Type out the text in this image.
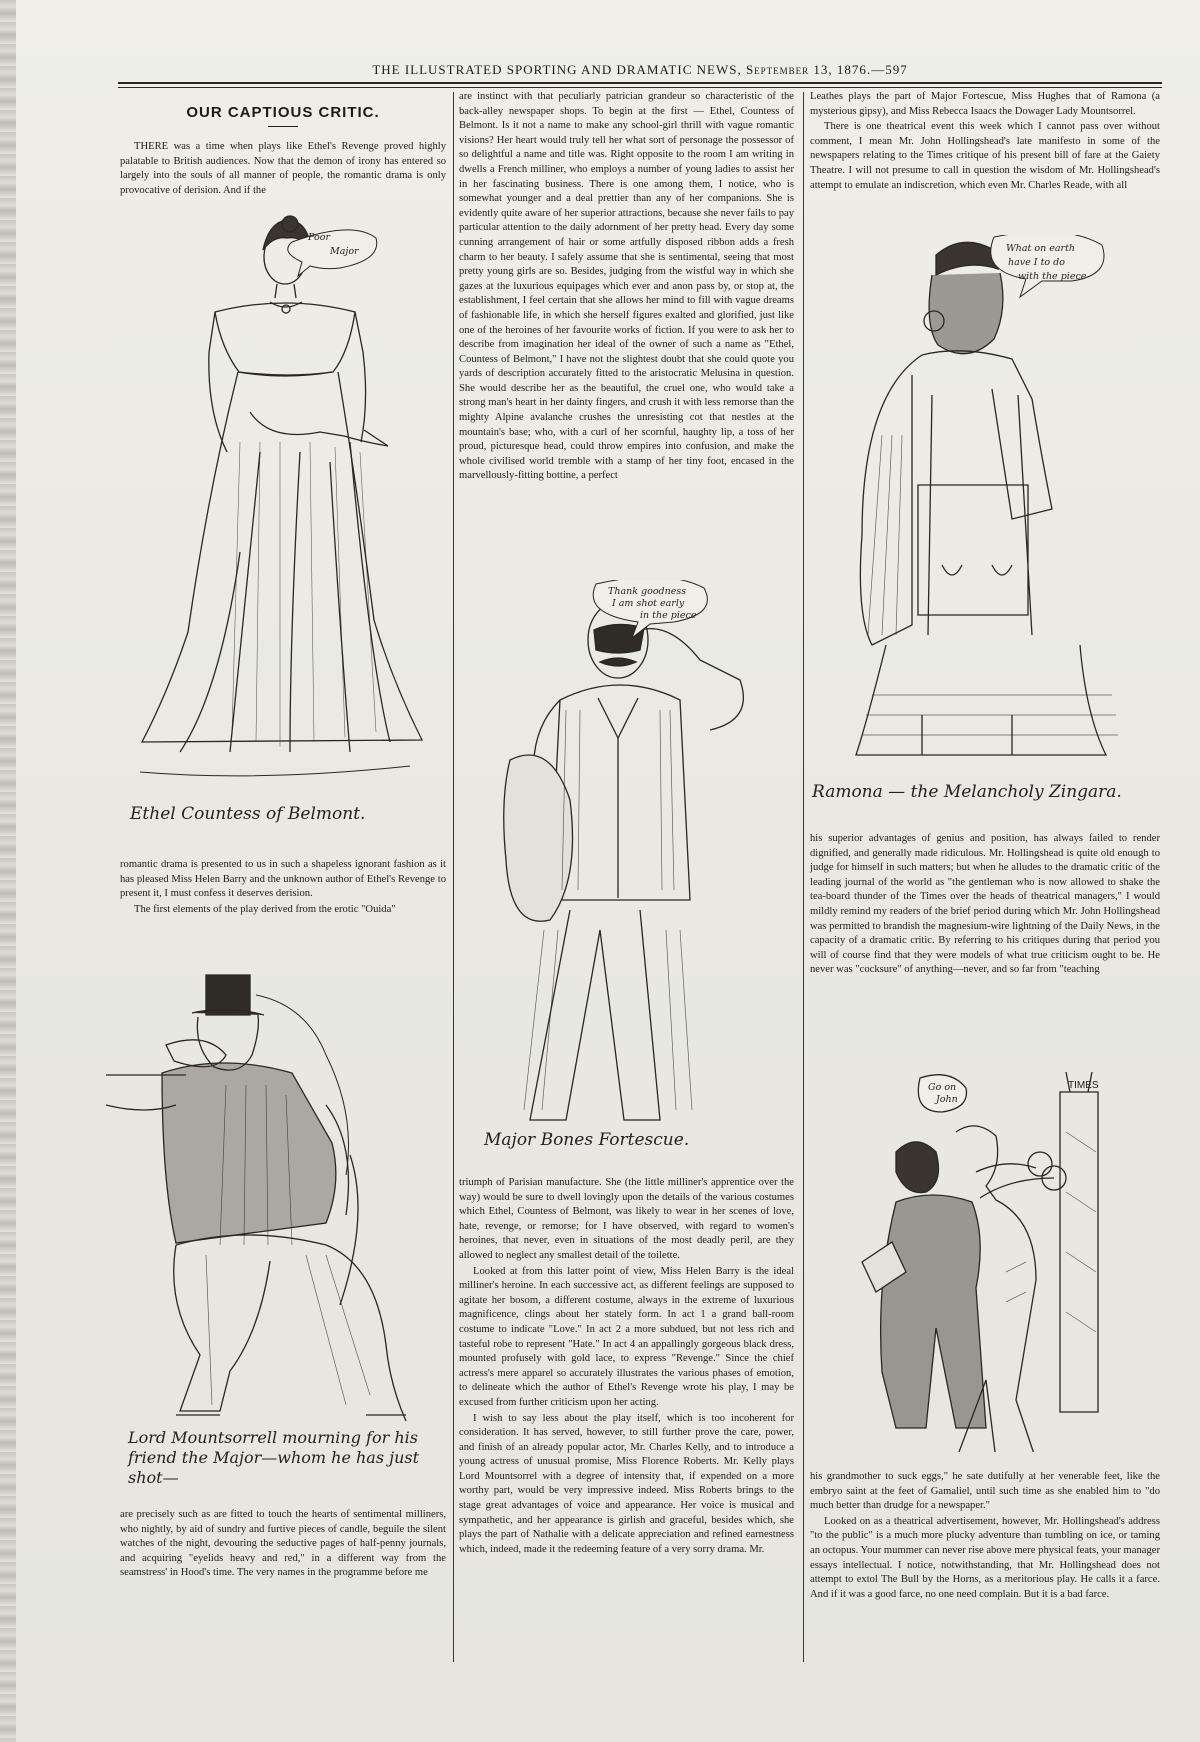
THE ILLUSTRATED SPORTING AND DRAMATIC NEWS, September 13, 1876.—597
OUR CAPTIOUS CRITIC.

THERE was a time when plays like Ethel's Revenge proved highly palatable to British audiences. Now that the demon of irony has entered so largely into the souls of all manner of people, the romantic drama is only provocative of derision. And if the

Poor
Major
Ethel Countess of Belmont.

romantic drama is presented to us in such a shapeless ignorant fashion as it has pleased Miss Helen Barry and the unknown author of Ethel's Revenge to present it, I must confess it deserves derision.

The first elements of the play derived from the erotic "Ouida"

Lord Mountsorrell mourning for his friend the Major—whom he has just shot—

are precisely such as are fitted to touch the hearts of sentimental milliners, who nightly, by aid of sundry and furtive pieces of candle, beguile the silent watches of the night, devouring the seductive pages of half-penny journals, and acquiring "eyelids heavy and red," in a different way from the seamstress' in Hood's time. The very names in the programme before me

are instinct with that peculiarly patrician grandeur so characteristic of the back-alley newspaper shops. To begin at the first — Ethel, Countess of Belmont. Is it not a name to make any school-girl thrill with vague romantic visions? Her heart would truly tell her what sort of personage the possessor of so delightful a name and title was. Right opposite to the room I am writing in dwells a French milliner, who employs a number of young ladies to assist her in her fascinating business. There is one among them, I notice, who is somewhat younger and a deal prettier than any of her companions. She is evidently quite aware of her superior attractions, because she never fails to pay particular attention to the daily adornment of her pretty head. Every day some cunning arrangement of hair or some artfully disposed ribbon adds a fresh charm to her beauty. I safely assume that she is sentimental, seeing that most pretty young girls are so. Besides, judging from the wistful way in which she gazes at the luxurious equipages which ever and anon pass by, or stop at, the establishment, I feel certain that she allows her mind to fill with vague dreams of fashionable life, in which she herself figures exalted and glorified, just like one of the heroines of her favourite works of fiction. If you were to ask her to describe from imagination her ideal of the owner of such a name as "Ethel, Countess of Belmont," I have not the slightest doubt that she could quote you yards of description accurately fitted to the aristocratic Melusina in question. She would describe her as the beautiful, the cruel one, who would take a strong man's heart in her dainty fingers, and crush it with less remorse than the mighty Alpine avalanche crushes the unresisting cot that nestles at the mountain's base; who, with a curl of her scornful, haughty lip, a toss of her proud, picturesque head, could throw empires into confusion, and make the whole civilised world tremble with a stamp of her tiny foot, encased in the marvellously-fitting bottine, a perfect

Thank goodness
I am shot early
in the piece
Major Bones Fortescue.

triumph of Parisian manufacture. She (the little milliner's apprentice over the way) would be sure to dwell lovingly upon the details of the various costumes which Ethel, Countess of Belmont, was likely to wear in her scenes of love, hate, revenge, or remorse; for I have observed, with regard to women's heroines, that never, even in situations of the most deadly peril, are they allowed to neglect any smallest detail of the toilette.

Looked at from this latter point of view, Miss Helen Barry is the ideal milliner's heroine. In each successive act, as different feelings are supposed to agitate her bosom, a different costume, always in the extreme of luxurious magnificence, clings about her stately form. In act 1 a grand ball-room costume to indicate "Love." In act 2 a more subdued, but not less rich and tasteful robe to represent "Hate." In act 4 an appallingly gorgeous black dress, mounted profusely with gold lace, to express "Revenge." Since the chief actress's mere apparel so accurately illustrates the various phases of emotion, to delineate which the author of Ethel's Revenge wrote his play, I may be excused from further criticism upon her acting.

I wish to say less about the play itself, which is too incoherent for consideration. It has served, however, to still further prove the care, power, and finish of an already popular actor, Mr. Charles Kelly, and to introduce a young actress of unusual promise, Miss Florence Roberts. Mr. Kelly plays Lord Mountsorrel with a degree of intensity that, if expended on a more worthy part, would be very impressive indeed. Miss Roberts brings to the stage great advantages of voice and appearance. Her voice is musical and sympathetic, and her appearance is girlish and graceful, besides which, she plays the part of Nathalie with a delicate appreciation and refined earnestness which, indeed, made it the redeeming feature of a very sorry drama. Mr.

Leathes plays the part of Major Fortescue, Miss Hughes that of Ramona (a mysterious gipsy), and Miss Rebecca Isaacs the Dowager Lady Mountsorrel.

There is one theatrical event this week which I cannot pass over without comment, I mean Mr. John Hollingshead's late manifesto in some of the newspapers relating to the Times critique of his present bill of fare at the Gaiety Theatre. I will not presume to call in question the wisdom of Mr. Hollingshead's attempt to emulate an indiscretion, which even Mr. Charles Reade, with all

What on earth
have I to do
with the piece
Ramona — the Melancholy Zingara.

his superior advantages of genius and position, has always failed to render dignified, and generally made ridiculous. Mr. Hollingshead is quite old enough to judge for himself in such matters; but when he alludes to the dramatic critic of the leading journal of the world as "the gentleman who is now allowed to shake the tea-board thunder of the Times over the heads of theatrical managers," I would mildly remind my readers of the brief period during which Mr. John Hollingshead was permitted to brandish the magnesium-wire lightning of the Daily News, in the capacity of a dramatic critic. By referring to his critiques during that period you will of course find that they were models of what true criticism ought to be. He never was "cocksure" of anything—never, and so far from "teaching

TIMES
Go on
John

his grandmother to suck eggs," he sate dutifully at her venerable feet, like the embryo saint at the feet of Gamaliel, until such time as she enabled him to "do much better than drudge for a newspaper."

Looked on as a theatrical advertisement, however, Mr. Hollingshead's address "to the public" is a much more plucky adventure than tumbling on ice, or taming an octopus. Your mummer can never rise above mere physical feats, your manager essays intellectual. I notice, notwithstanding, that Mr. Hollingshead does not attempt to extol The Bull by the Horns, as a meritorious play. He calls it a farce. And if it was a good farce, no one need complain. But it is a bad farce.
